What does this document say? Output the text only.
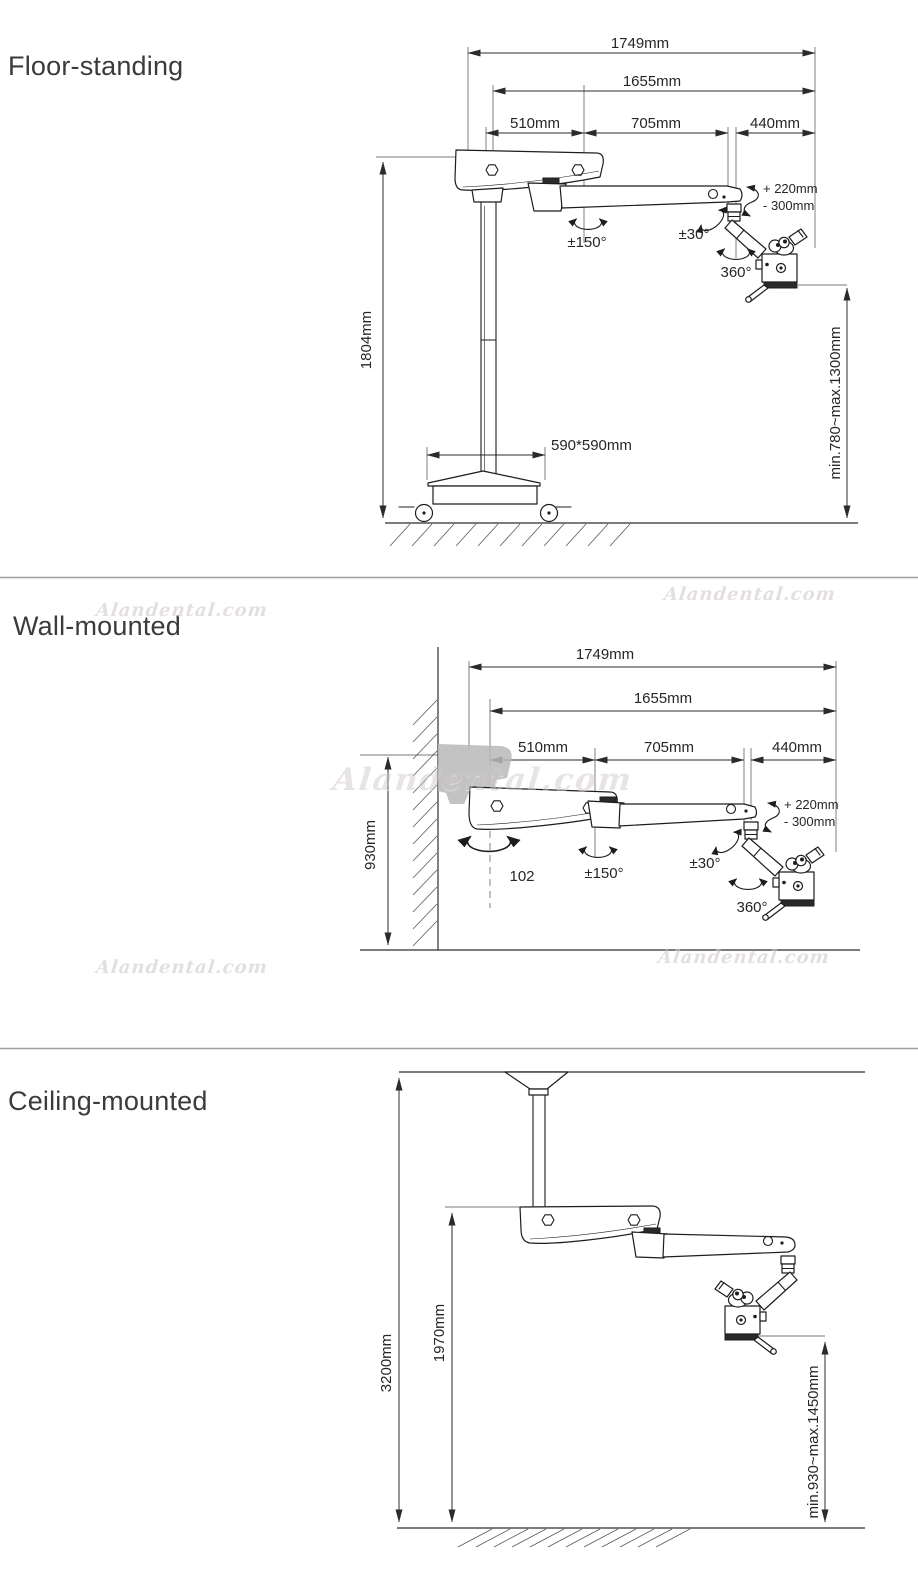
1749mm
1655mm
510mm	705mm	440mm
1804mm	min.780~max.1300mm
590*590mm
+ 220mm
- 300mm
±150°	±30°
360°
1749mm
1655mm
510mm	705mm	440mm
930mm
+ 220mm
- 300mm
±150°
±30°
360°
102
3200mm
1970mm
min.930~max.1450mm
Floor-standing
Wall-mounted
Ceiling-mounted
Alandental.com
Alandental.com
Alandental.com
Alandental.com	Alandental.com
